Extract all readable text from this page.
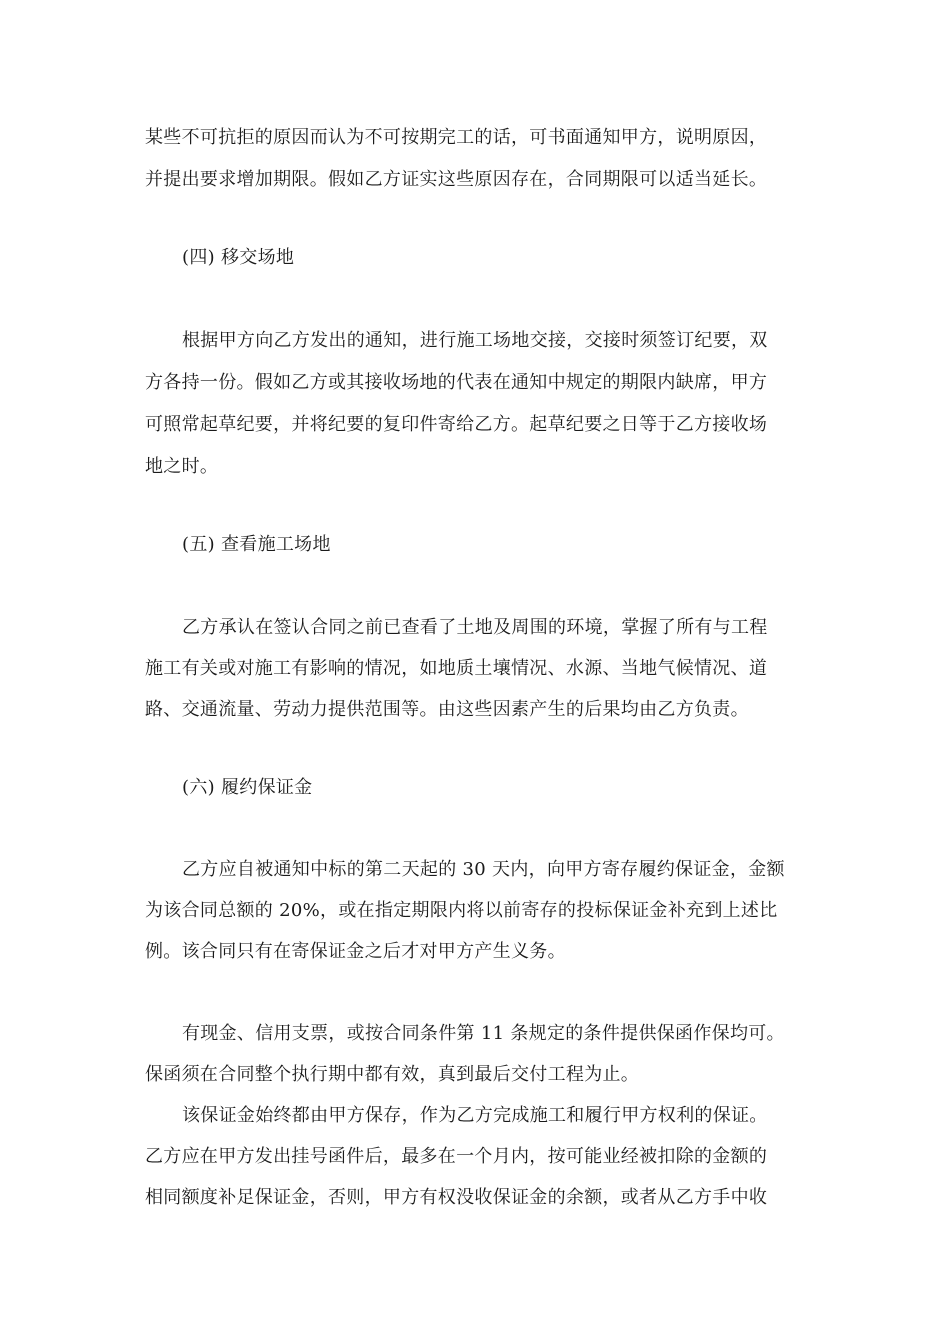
某些不可抗拒的原因而认为不可按期完工的话，可书面通知甲方，说明原因，
并提出要求增加期限。假如乙方证实这些原因存在，合同期限可以适当延长。
(四) 移交场地
根据甲方向乙方发出的通知，进行施工场地交接，交接时须签订纪要，双
方各持一份。假如乙方或其接收场地的代表在通知中规定的期限内缺席，甲方
可照常起草纪要，并将纪要的复印件寄给乙方。起草纪要之日等于乙方接收场
地之时。
(五) 查看施工场地
乙方承认在签认合同之前已查看了土地及周围的环境，掌握了所有与工程
施工有关或对施工有影响的情况，如地质土壤情况、水源、当地气候情况、道
路、交通流量、劳动力提供范围等。由这些因素产生的后果均由乙方负责。
(六) 履约保证金
乙方应自被通知中标的第二天起的 30 天内，向甲方寄存履约保证金，金额
为该合同总额的 20%，或在指定期限内将以前寄存的投标保证金补充到上述比
例。该合同只有在寄保证金之后才对甲方产生义务。
有现金、信用支票，或按合同条件第 11 条规定的条件提供保函作保均可。
保函须在合同整个执行期中都有效，真到最后交付工程为止。
该保证金始终都由甲方保存，作为乙方完成施工和履行甲方权利的保证。
乙方应在甲方发出挂号函件后，最多在一个月内，按可能业经被扣除的金额的
相同额度补足保证金，否则，甲方有权没收保证金的余额，或者从乙方手中收
